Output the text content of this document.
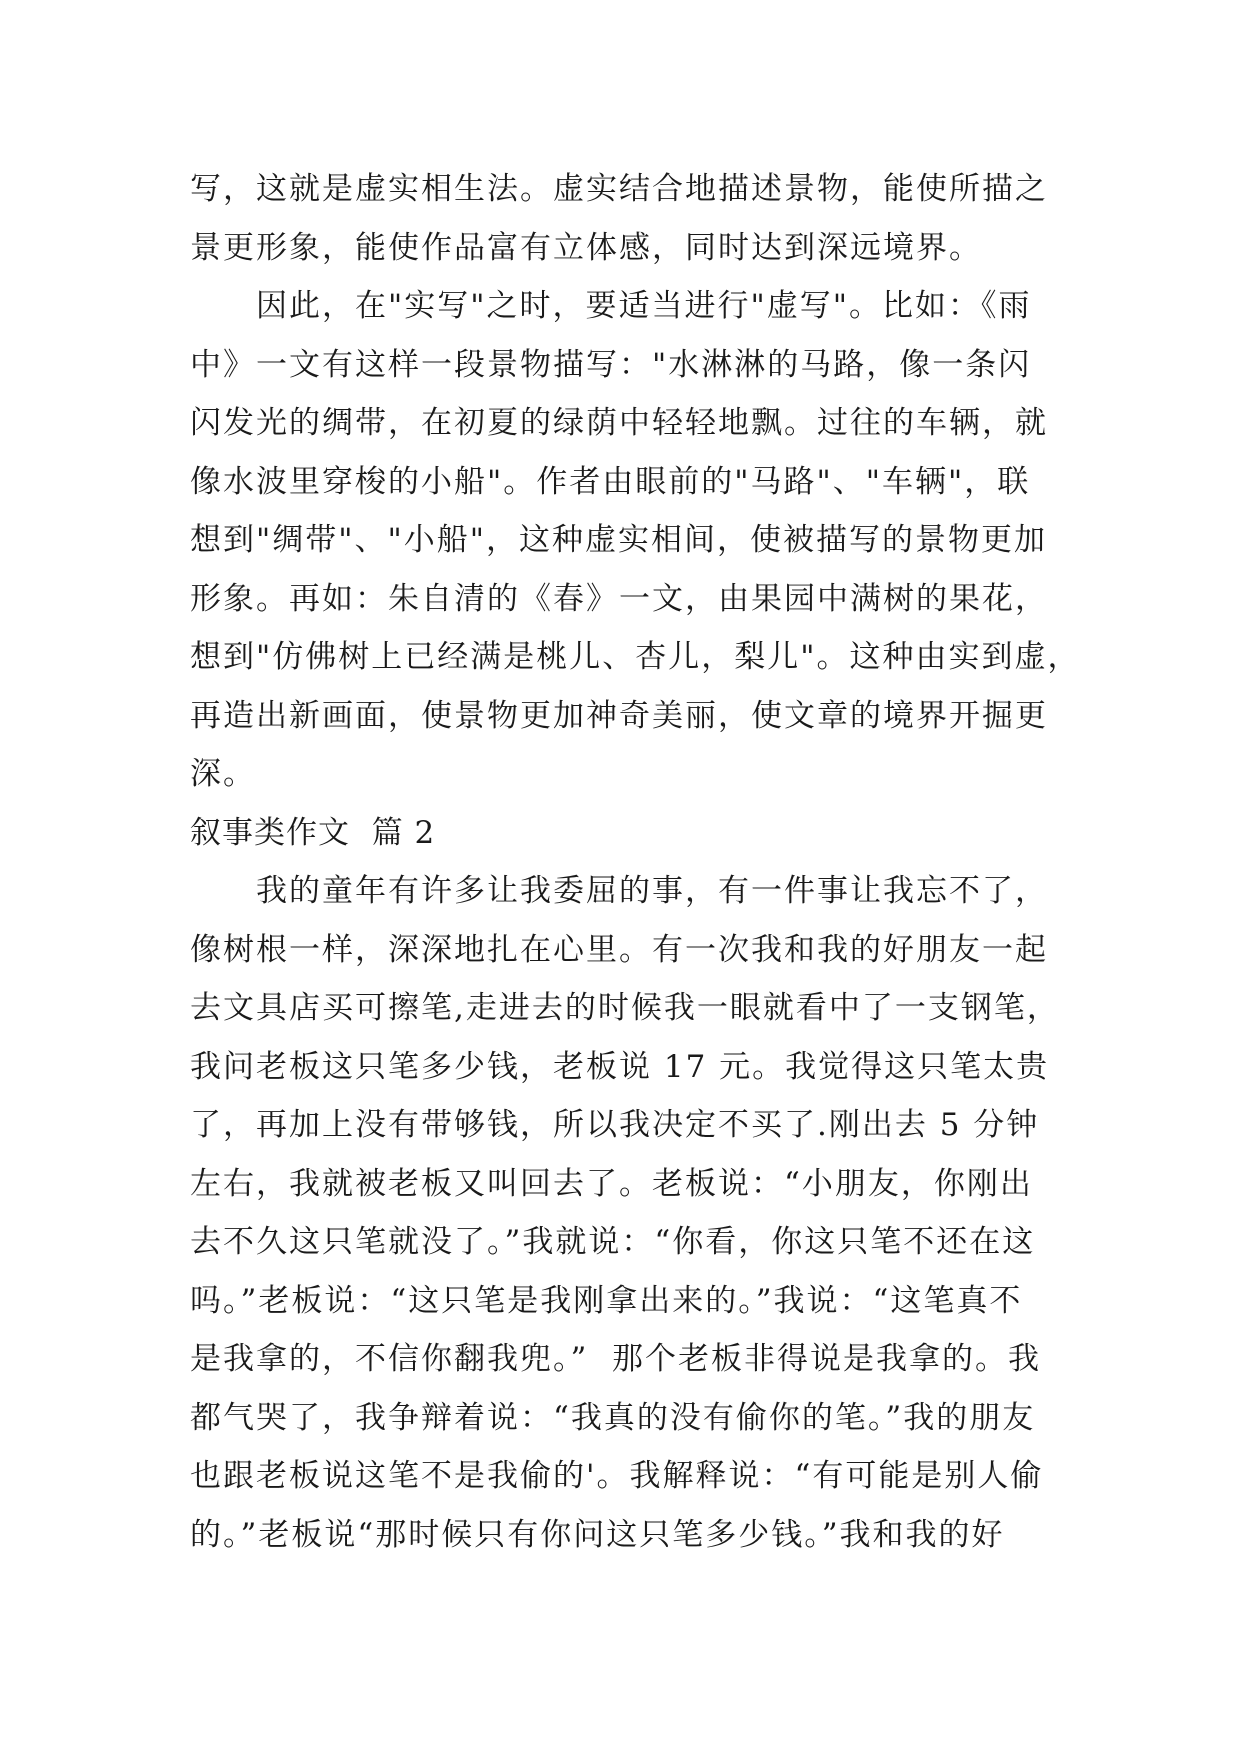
写，这就是虚实相生法。虚实结合地描述景物，能使所描之
景更形象，能使作品富有立体感，同时达到深远境界。
因此，在"实写"之时，要适当进行"虚写"。比如：《雨
中》一文有这样一段景物描写："水淋淋的马路，像一条闪
闪发光的绸带，在初夏的绿荫中轻轻地飘。过往的车辆，就
像水波里穿梭的小船"。作者由眼前的"马路"、"车辆"，联
想到"绸带"、"小船"，这种虚实相间，使被描写的景物更加
形象。再如：朱自清的《春》一文，由果园中满树的果花，
想到"仿佛树上已经满是桃儿、杏儿，梨儿"。这种由实到虚，
再造出新画面，使景物更加神奇美丽，使文章的境界开掘更
深。
叙事类作文  篇 2
我的童年有许多让我委屈的事，有一件事让我忘不了，
像树根一样，深深地扎在心里。有一次我和我的好朋友一起
去文具店买可擦笔,走进去的时候我一眼就看中了一支钢笔，
我问老板这只笔多少钱，老板说 17 元。我觉得这只笔太贵
了，再加上没有带够钱，所以我决定不买了.刚出去 5 分钟
左右，我就被老板又叫回去了。老板说：“小朋友，你刚出
去不久这只笔就没了。”我就说：“你看，你这只笔不还在这
吗。”老板说：“这只笔是我刚拿出来的。”我说：“这笔真不
是我拿的，不信你翻我兜。”  那个老板非得说是我拿的。我
都气哭了，我争辩着说：“我真的没有偷你的笔。”我的朋友
也跟老板说这笔不是我偷的'。我解释说：“有可能是别人偷
的。”老板说“那时候只有你问这只笔多少钱。”我和我的好
